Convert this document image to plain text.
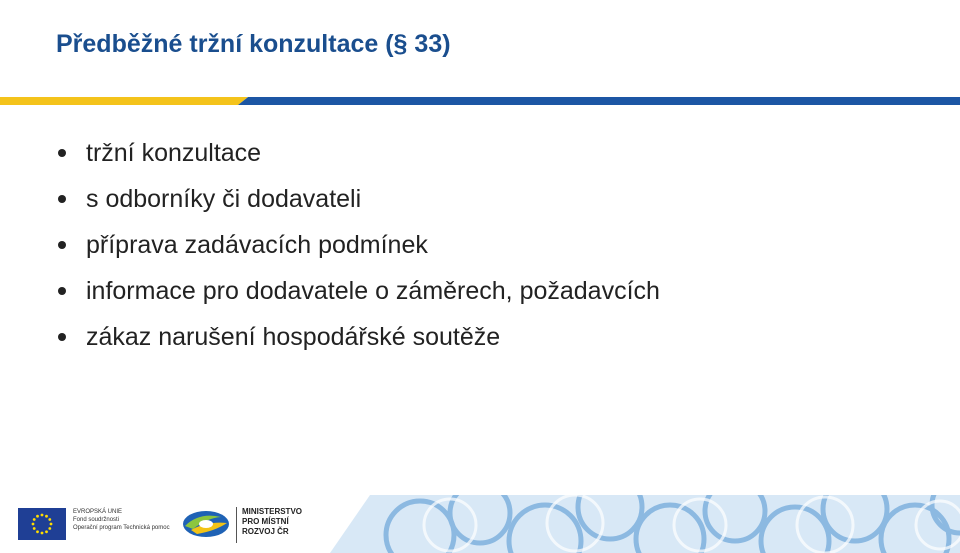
Předběžné tržní konzultace (§ 33)
tržní konzultace
s odborníky či dodavateli
příprava zadávacích podmínek
informace pro dodavatele o záměrech, požadavcích
zákaz narušení hospodářské soutěže
EVROPSKÁ UNIE
Fond soudržnosti
Operační program Technická pomoc
MINISTERSTVO
PRO MÍSTNÍ
ROZVOJ ČR
